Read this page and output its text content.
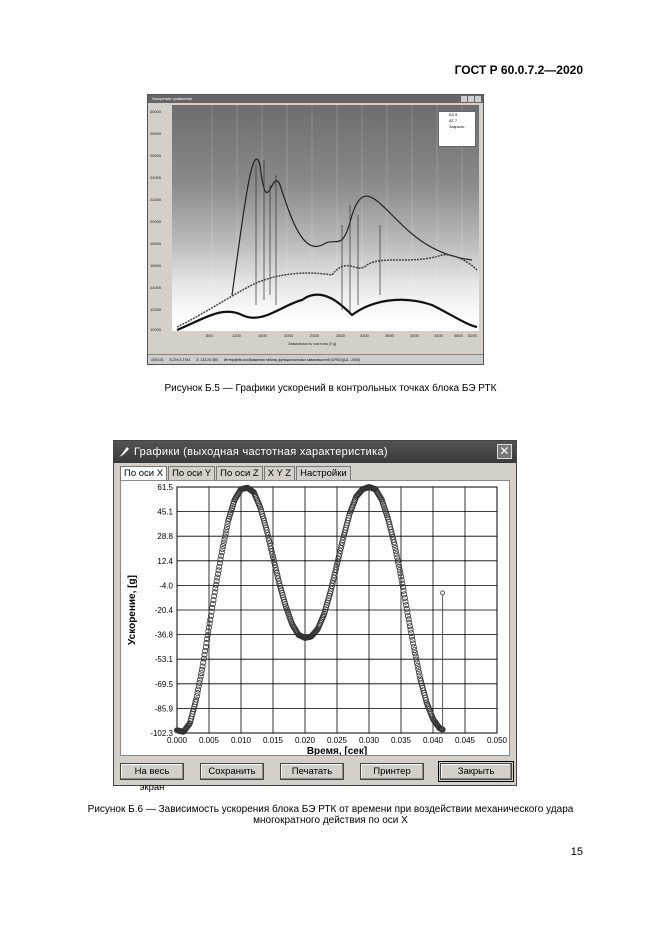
ГОСТ Р 60.0.7.2—2020
Ускорения сравнение
30000
28000
26000
24000
22000
20000
18000
16000
14000
12000
10000
800	1200	1600	2000	2400	2800	3200	3600	4000	4400	4800 5200
Зависимость частоты [Гц]
БЗ 5
АТ 7
Закрыть
100:101 5.27e:2 27e3 X: 123.24 350 Интерфейс изображения таблиц функциональных зависимостей (CPDD)(LA - 2000)
Рисунок Б.5 — Графики ускорений в контрольных точках блока БЭ РТК
Графики (выходная частотная характеристика)	✕
По оси X По оси Y По оси Z X Y Z Настройки
61.5
45.1
28.8
12.4
-4.0
-20.4
-36.8
-53.1
-69.5
-85.9
-102.3
0.000 0.005 0.010 0.015 0.020 0.025 0.030 0.035 0.040 0.045 0.050
Ускорение, [g]
Время, [сек]
На весь экран
Сохранить	Печатать	Принтер	Закрыть
Рисунок Б.6 — Зависимость ускорения блока БЭ РТК от времени при воздействии механического удара
многократного действия по оси X
15
